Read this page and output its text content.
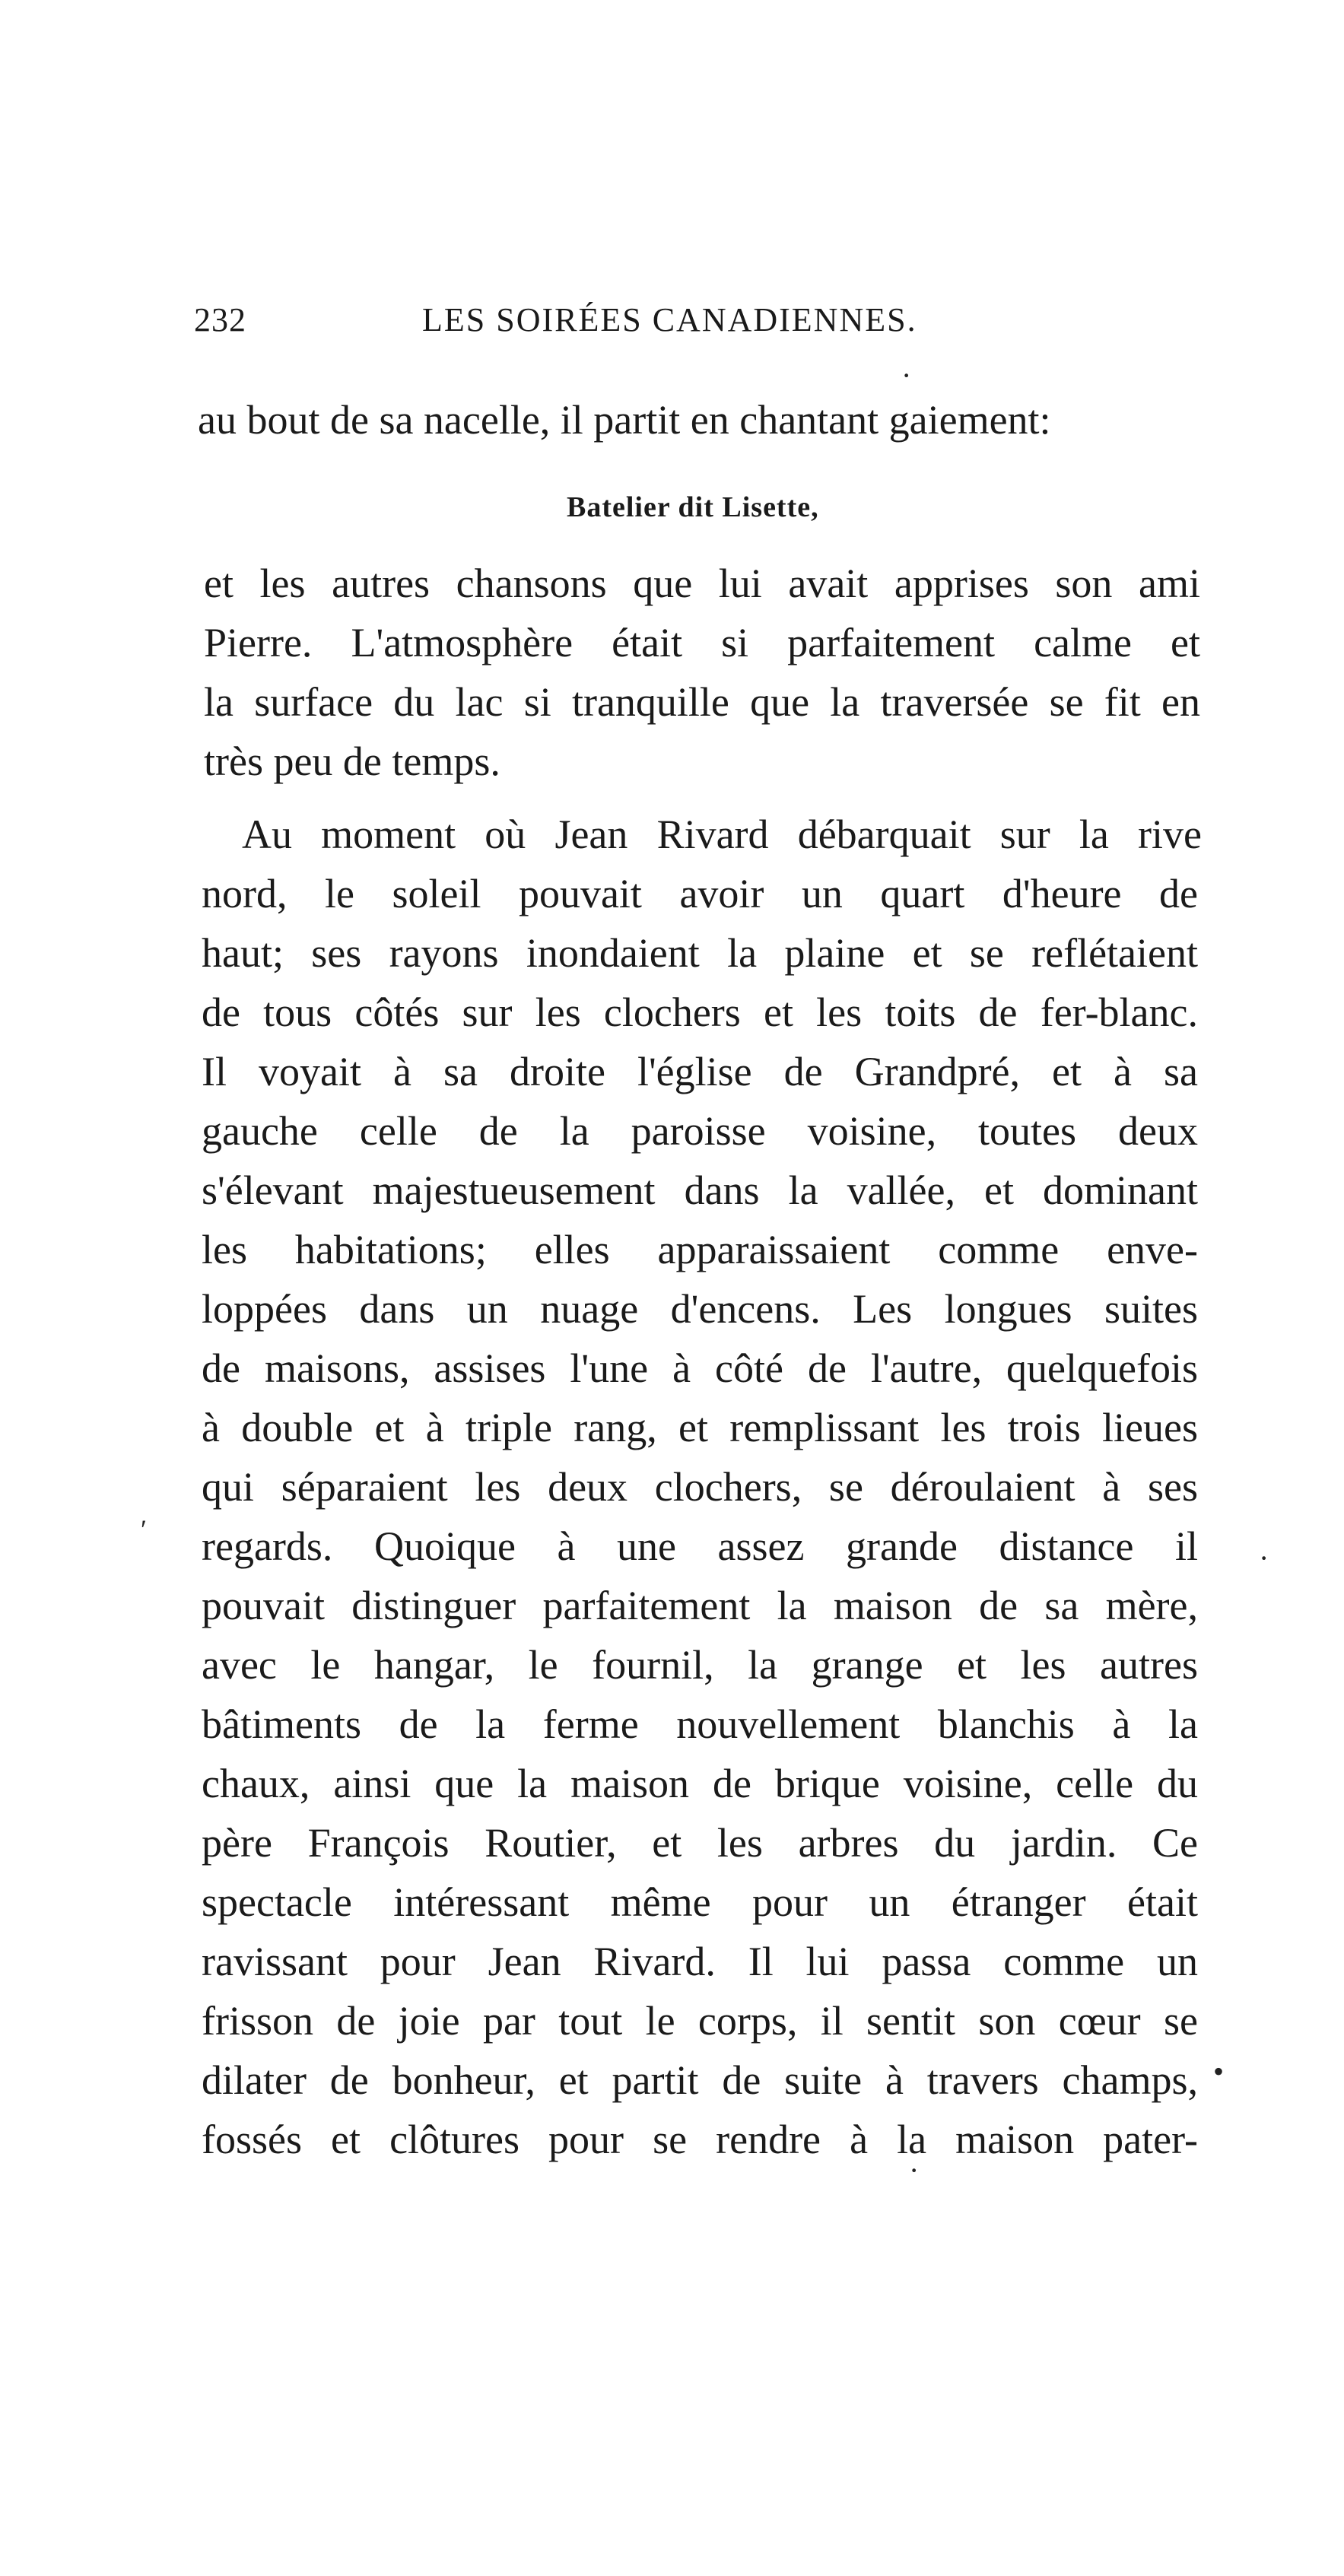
232	LES SOIRÉES CANADIENNES.
au bout de sa nacelle, il partit en chantant gaiement:
Batelier dit Lisette,
et les autres chansons que lui avait apprises son ami
Pierre. L'atmosphère était si parfaitement calme et
la surface du lac si tranquille que la traversée se fit en
très peu de temps.
Au moment où Jean Rivard débarquait sur la rive
nord, le soleil pouvait avoir un quart d'heure de
haut; ses rayons inondaient la plaine et se reflétaient
de tous côtés sur les clochers et les toits de fer-blanc.
Il voyait à sa droite l'église de Grandpré, et à sa
gauche celle de la paroisse voisine, toutes deux
s'élevant majestueusement dans la vallée, et dominant
les habitations; elles apparaissaient comme enve-
loppées dans un nuage d'encens. Les longues suites
de maisons, assises l'une à côté de l'autre, quelquefois
à double et à triple rang, et remplissant les trois lieues
qui séparaient les deux clochers, se déroulaient à ses
regards. Quoique à une assez grande distance il
pouvait distinguer parfaitement la maison de sa mère,
avec le hangar, le fournil, la grange et les autres
bâtiments de la ferme nouvellement blanchis à la
chaux, ainsi que la maison de brique voisine, celle du
père François Routier, et les arbres du jardin. Ce
spectacle intéressant même pour un étranger était
ravissant pour Jean Rivard. Il lui passa comme un
frisson de joie par tout le corps, il sentit son cœur se
dilater de bonheur, et partit de suite à travers champs,
fossés et clôtures pour se rendre à la maison pater-
·
′
·
•
·
